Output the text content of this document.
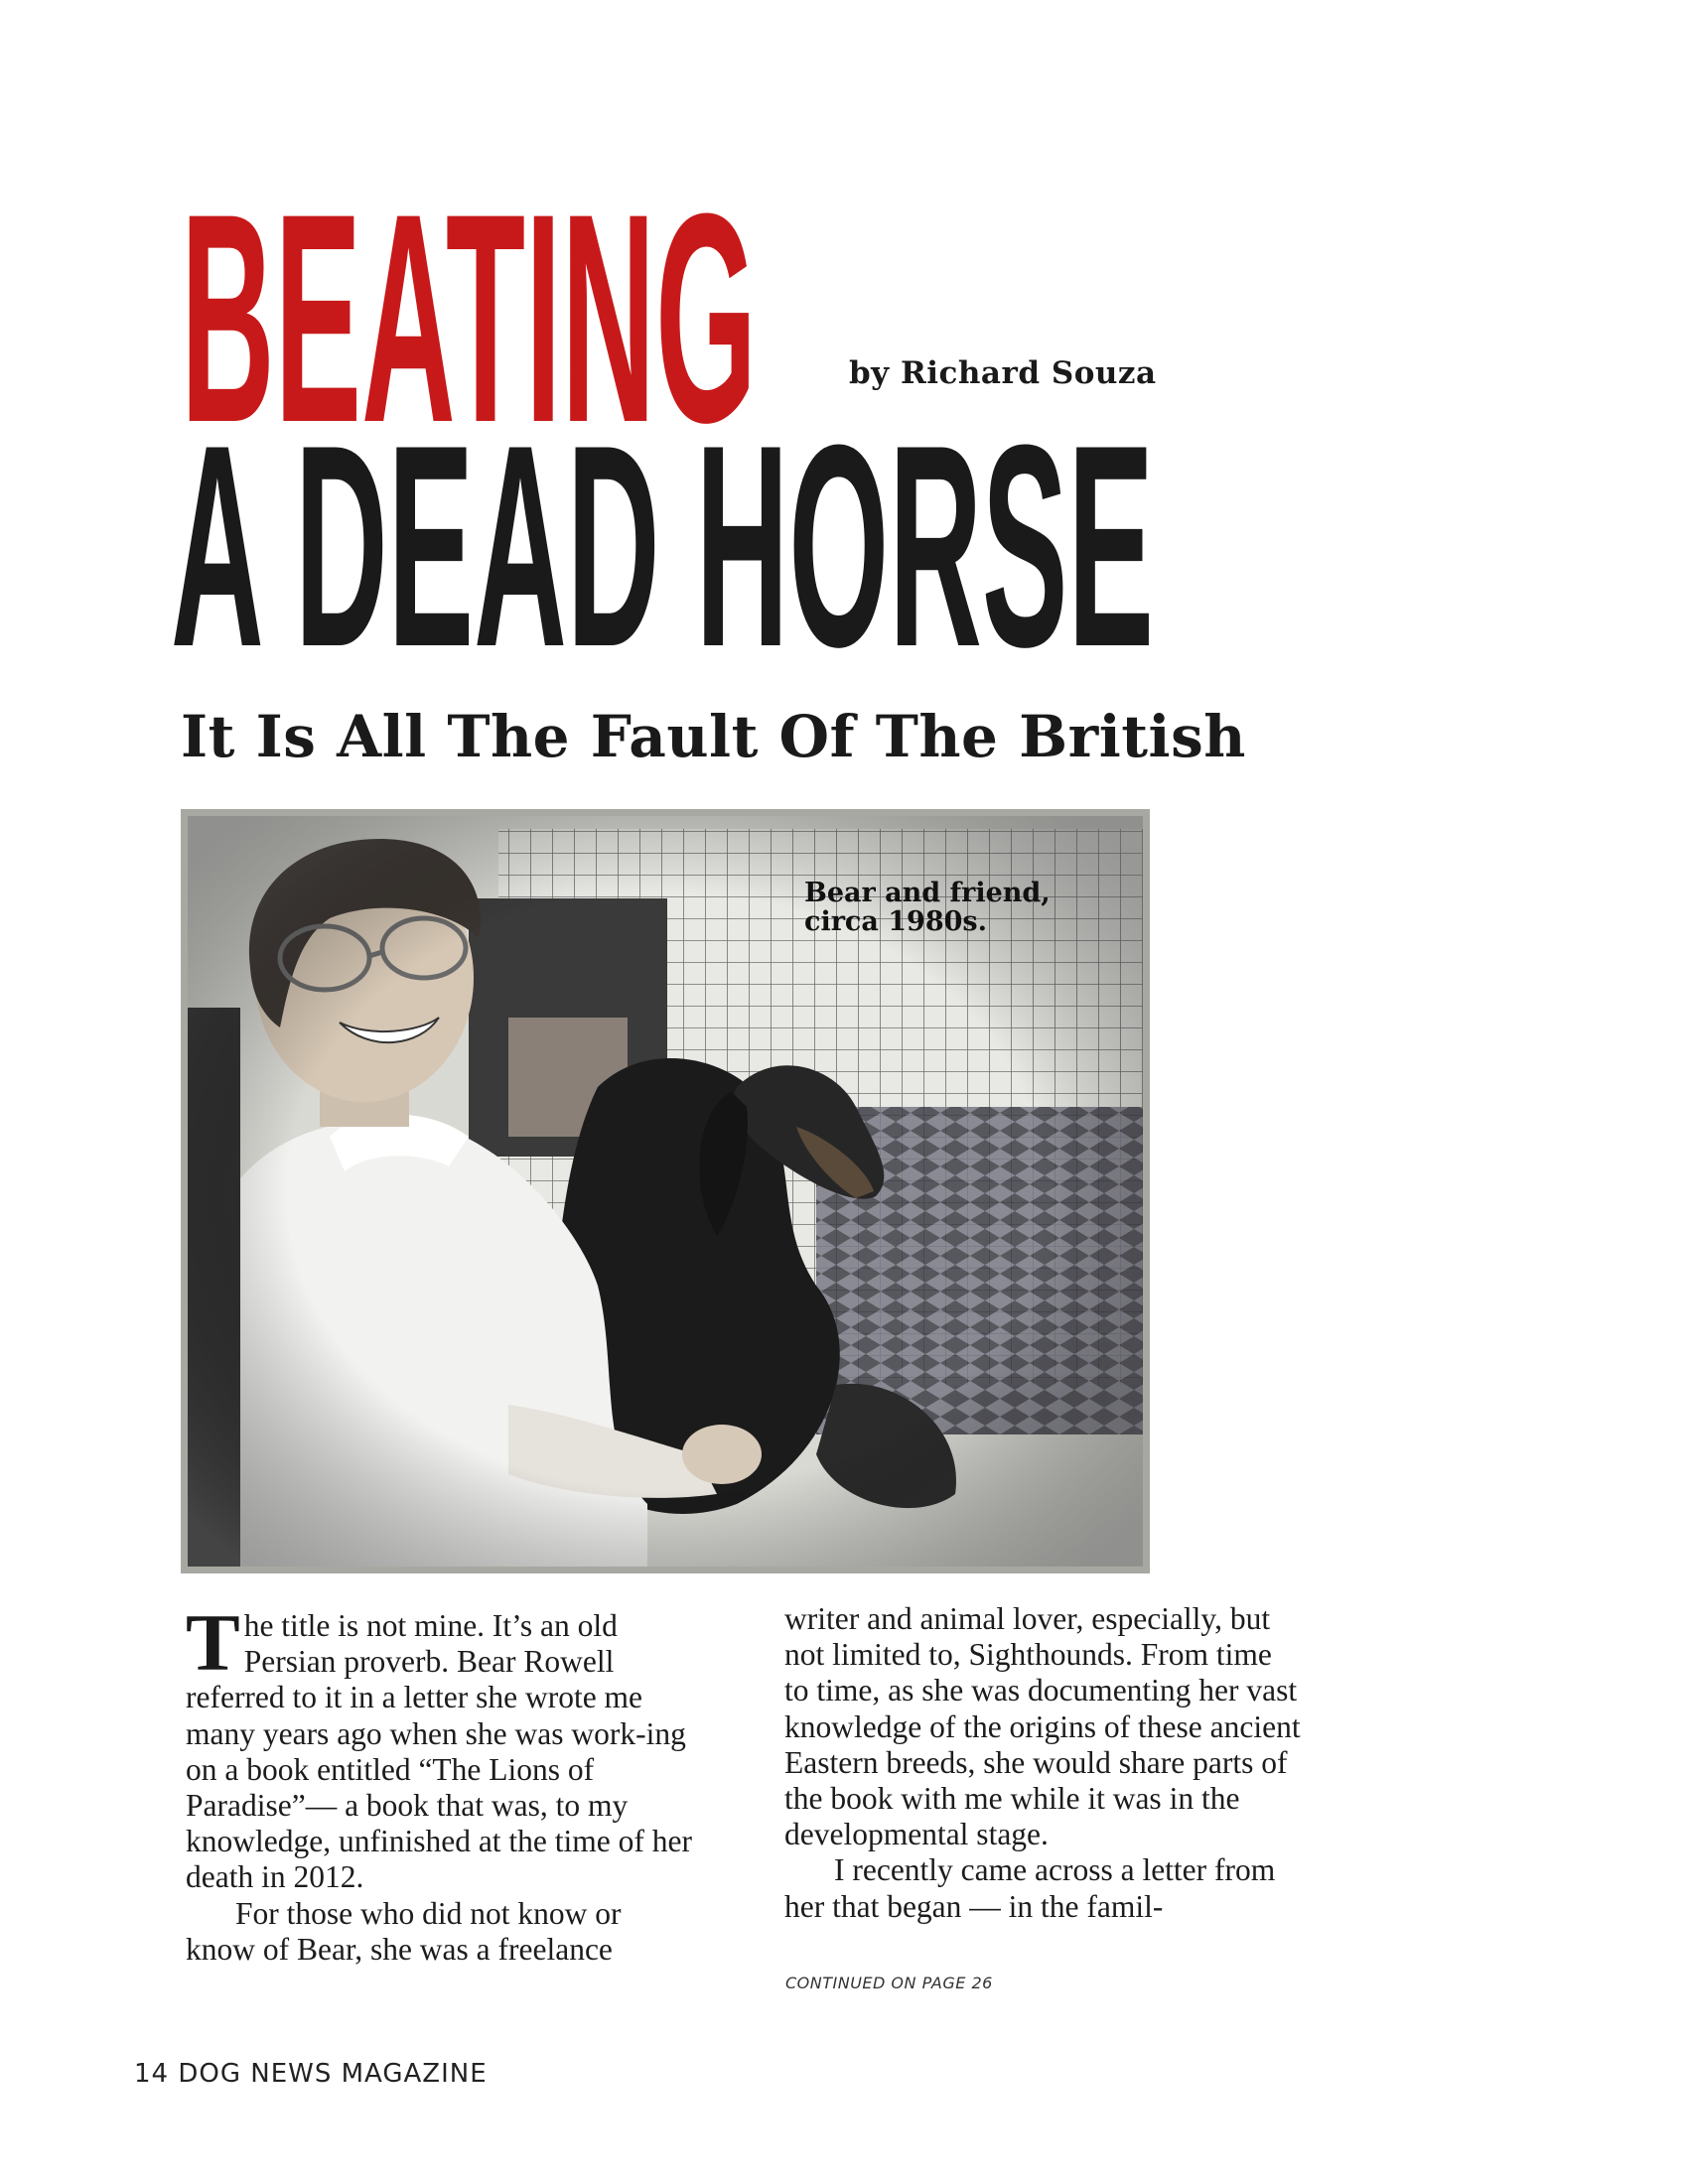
BEATING
A DEAD HORSE
by Richard Souza
It Is All The Fault Of The British
Bear and friend,
circa 1980s.

The title is not mine. It’s an old Persian proverb. Bear Rowell referred to it in a letter she wrote me many years ago when she was work-ing on a book entitled “The Lions of Paradise”— a book that was, to my knowledge, unfinished at the time of her death in 2012.

For those who did not know or know of Bear, she was a freelance

writer and animal lover, especially, but not limited to, Sighthounds. From time to time, as she was documenting her vast knowledge of the origins of these ancient Eastern breeds, she would share parts of the book with me while it was in the developmental stage.

I recently came across a letter from her that began — in the famil-

CONTINUED ON PAGE 26
14 DOG NEWS MAGAZINE
